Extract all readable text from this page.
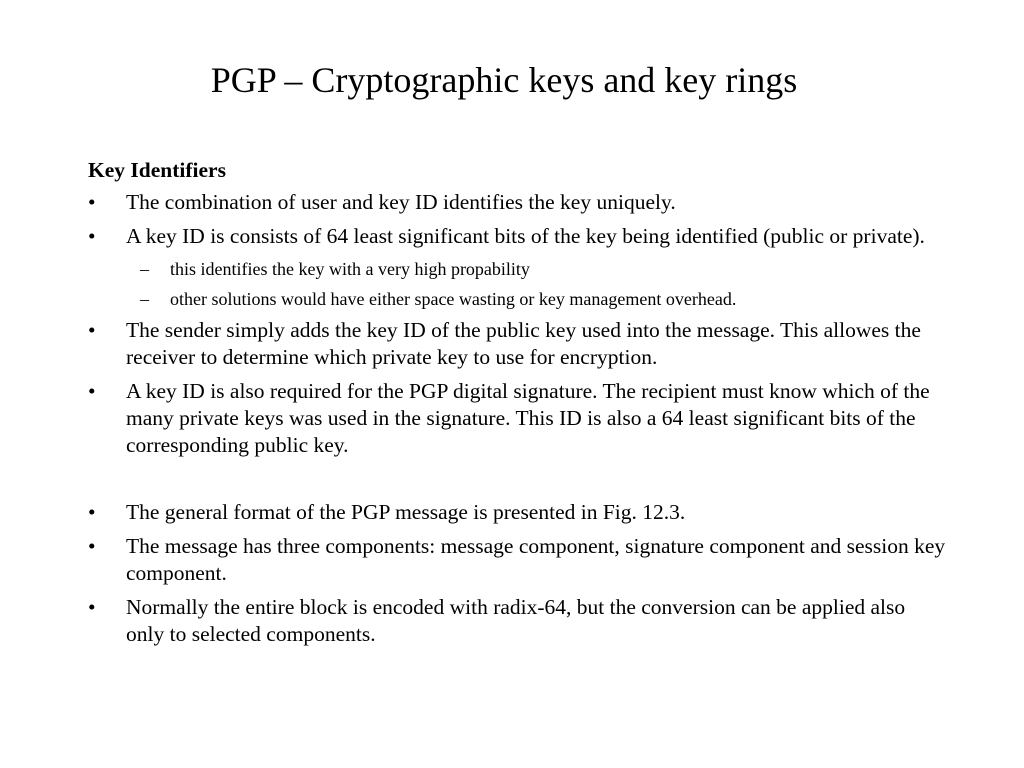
PGP – Cryptographic keys and key rings
Key Identifiers
•	The combination of user and key ID identifies the key uniquely.
•	A key ID is consists of 64 least significant bits of the key being identified (public or private).
– this identifies the key with a very high propability
– other solutions would have either space wasting or key management overhead.
•	The sender simply adds the key ID of the public key used into the message. This allowes the receiver to determine which private key to use for encryption.
•	A key ID is also required for the PGP digital signature. The recipient must know which of the many private keys was used in the signature. This ID is also a 64 least significant bits of the corresponding public key.
•	The general format of the PGP message is presented in Fig. 12.3.
•	The message has three components: message component, signature component and session key component.
•	Normally the entire block is encoded with radix-64, but the conversion can be applied also only to selected components.
